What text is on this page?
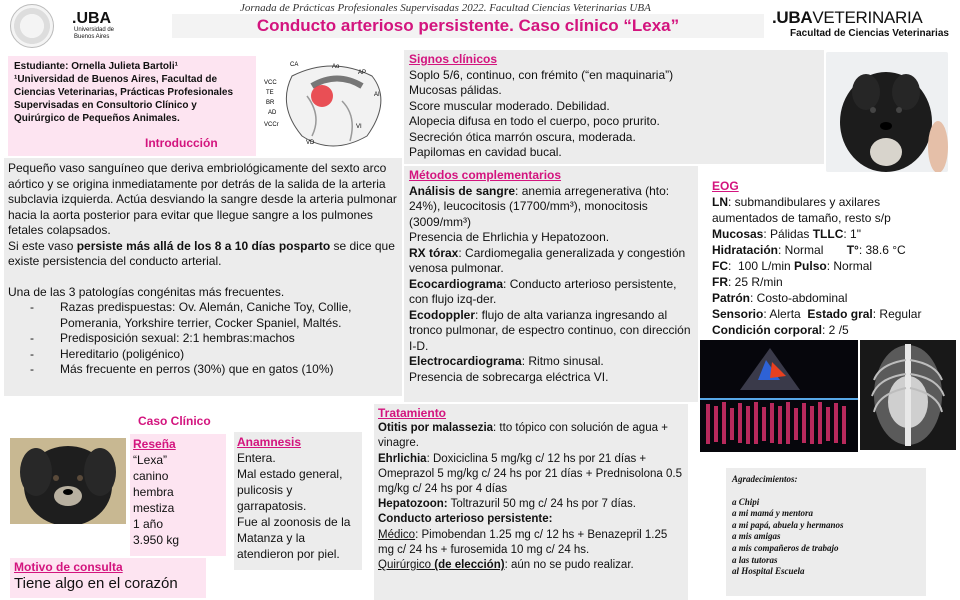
.UBA
Universidad de Buenos Aires
Jornada de Prácticas Profesionales Supervisadas 2022. Facultad Ciencias Veterinarias UBA
Conducto arterioso persistente. Caso clínico “Lexa”	.UBAVETERINARIA
Facultad de Ciencias Veterinarias
Estudiante: Ornella Julieta Bartoli¹
¹Universidad de Buenos Aires, Facultad de Ciencias Veterinarias, Prácticas Profesionales Supervisadas en Consultorio Clínico y Quirúrgico de Pequeños Animales.
Introducción
CA
VCC
TE
BR
AD
VCCr
VD
VI
AI
AP
Ao
Pequeño vaso sanguíneo que deriva embriológicamente del sexto arco aórtico y se origina inmediatamente por detrás de la salida de la arteria subclavia izquierda. Actúa desviando la sangre desde la arteria pulmonar hacia la aorta posterior para evitar que llegue sangre a los pulmones fetales colapsados.
Si este vaso persiste más allá de los 8 a 10 días posparto se dice que existe persistencia del conducto arterial.
Una de las 3 patologías congénitas más frecuentes.
- Razas predispuestas: Ov. Alemán, Caniche Toy, Collie, Pomerania, Yorkshire terrier, Cocker Spaniel, Maltés.
- Predisposición sexual: 2:1 hembras:machos
- Hereditario (poligénico)
- Más frecuente en perros (30%) que en gatos (10%)
Signos clínicos
Soplo 5/6, continuo, con frémito (“en maquinaria”)
Mucosas pálidas.
Score muscular moderado. Debilidad.
Alopecia difusa en todo el cuerpo, poco prurito.
Secreción ótica marrón oscura, moderada.
Papilomas en cavidad bucal.
Métodos complementarios
Análisis de sangre: anemia arregenerativa (hto: 24%), leucocitosis (17700/mm³), monocitosis (3009/mm³)
Presencia de Ehrlichia y Hepatozoon.
RX tórax: Cardiomegalia generalizada y congestión venosa pulmonar.
Ecocardiograma: Conducto arterioso persistente, con flujo izq-der.
Ecodoppler: flujo de alta varianza ingresando al tronco pulmonar, de espectro continuo, con dirección I-D.
Electrocardiograma: Ritmo sinusal.
Presencia de sobrecarga eléctrica VI.
EOG
LN: submandibulares y axilares aumentados de tamaño, resto s/p
Mucosas: Pálidas TLLC: 1"
Hidratación: Normal       T°: 38.6 °C
FC:  100 L/min Pulso: Normal
FR: 25 R/min
Patrón: Costo-abdominal
Sensorio: Alerta  Estado gral: Regular
Condición corporal: 2 /5
Caso Clínico
Reseña
“Lexa”
canino
hembra
mestiza
1 año
3.950 kg
Anamnesis
Entera.
Mal estado general, pulicosis y garrapatosis.
Fue al zoonosis de la Matanza y la atendieron por piel.
Motivo de consulta
Tiene algo en el corazón
Tratamiento
Otitis por malassezia: tto tópico con solución de agua + vinagre.
Ehrlichia: Doxiciclina 5 mg/kg c/ 12 hs por 21 días + Omeprazol 5 mg/kg c/ 24 hs por 21 días + Prednisolona 0.5 mg/kg c/ 24 hs por 4 días
Hepatozoon: Toltrazuril 50 mg c/ 24 hs por 7 días.
Conducto arterioso persistente:
Médico: Pimobendan 1.25 mg c/ 12 hs + Benazepril 1.25 mg c/ 24 hs + furosemida 10 mg c/ 24 hs.
Quirúrgico (de elección): aún no se pudo realizar.
Agradecimientos:
a Chipi
a mi mamá y mentora
a mi papá, abuela y hermanos
a mis amigas
a mis compañeros de trabajo
a las tutoras
al Hospital Escuela
